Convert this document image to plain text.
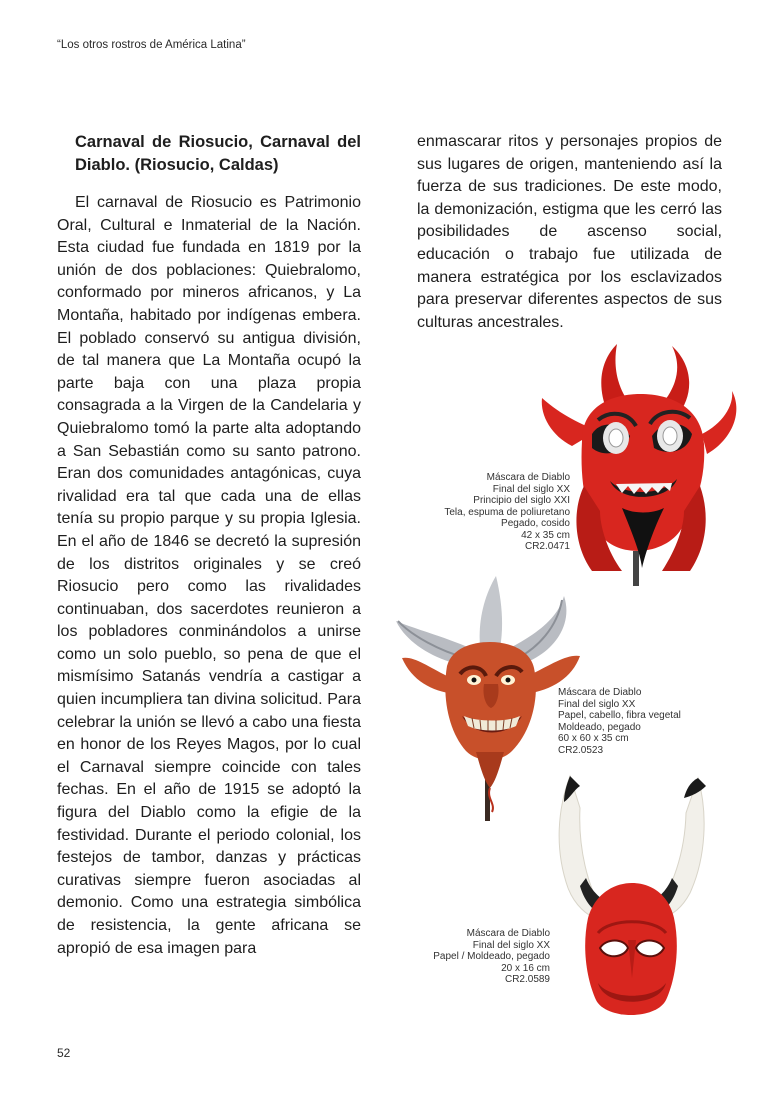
“Los otros rostros de América Latina”

Carnaval de Riosucio, Carnaval del Diablo. (Riosucio, Caldas)

El carnaval de Riosucio es Patrimonio Oral, Cultural e Inmaterial de la Nación. Esta ciudad fue fundada en 1819 por la unión de dos poblaciones: Quiebralomo, conformado por mineros africanos, y La Montaña, habitado por indígenas embera. El poblado conservó su antigua división, de tal manera que La Montaña ocupó la parte baja con una plaza propia consagrada a la Virgen de la Candelaria y Quiebralomo tomó la parte alta adoptando a San Sebastián como su santo patrono. Eran dos comunidades antagónicas, cuya rivalidad era tal que cada una de ellas tenía su propio parque y su propia Iglesia. En el año de 1846 se decretó la supresión de los distritos originales y se creó Riosucio pero como las rivalidades continuaban, dos sacerdotes reunieron a los pobladores conminándolos a unirse como un solo pueblo, so pena de que el mismísimo Satanás vendría a castigar a quien incumpliera tan divina solicitud. Para celebrar la unión se llevó a cabo una fiesta en honor de los Reyes Magos, por lo cual el Carnaval siempre coincide con tales fechas. En el año de 1915 se adoptó la figura del Diablo como la efigie de la festividad. Durante el periodo colonial, los festejos de tambor, danzas y prácticas curativas siempre fueron asociadas al demonio. Como una estrategia simbólica de resistencia, la gente africana se apropió de esa imagen para

enmascarar ritos y personajes propios de sus lugares de origen, manteniendo así la fuerza de sus tradiciones. De este modo, la demonización, estigma que les cerró las posibilidades de ascenso social, educación o trabajo fue utilizada de manera estratégica por los esclavizados para preservar diferentes aspectos de sus culturas ancestrales.

Máscara de Diablo
Final del siglo XX
Principio del siglo XXI
Tela, espuma de poliuretano
Pegado, cosido
42 x 35 cm
CR2.0471
Máscara de Diablo
Final del siglo XX
Papel, cabello, fibra vegetal
Moldeado, pegado
60 x 60 x 35 cm
CR2.0523
Máscara de Diablo
Final del siglo XX
Papel / Moldeado, pegado
20 x 16 cm
CR2.0589
52
